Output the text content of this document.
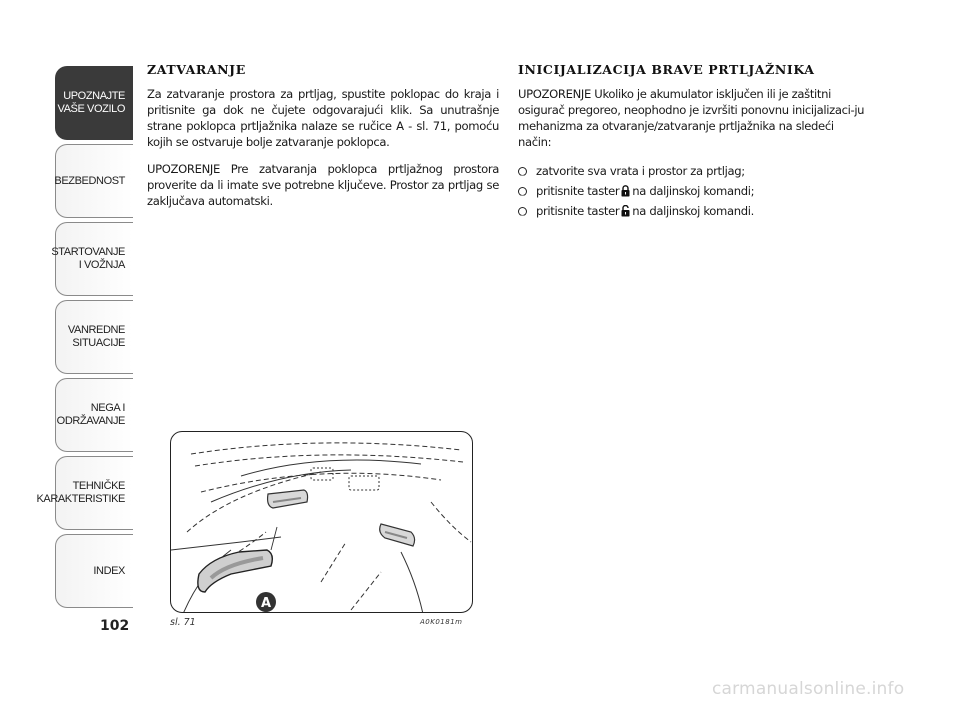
UPOZNAJTE
VAŠE VOZILO
BEZBEDNOST
STARTOVANJE
I VOŽNJA
VANREDNE
SITUACIJE
NEGA I
ODRŽAVANJE
TEHNIČKE
KARAKTERISTIKE
INDEX
102
ZATVARANJE

Za zatvaranje prostora za prtljag, spustite poklopac do kraja i pritisnite ga dok ne čujete odgovarajući klik. Sa unutrašnje strane poklopca prtljažnika nalaze se ručice A - sl. 71, pomoću kojih se ostvaruje bolje zatvaranje poklopca.

UPOZORENJE Pre zatvaranja poklopca prtljažnog prostora proverite da li imate sve potrebne ključeve. Prostor za prtljag se zaključava automatski.

INICIJALIZACIJA BRAVE PRTLJAŽNIKA

UPOZORENJE Ukoliko je akumulator isključen ili je zaštitni osigurač pregoreo, neophodno je izvršiti ponovnu inicijalizaci-ju mehanizma za otvaranje/zatvaranje prtljažnika na sledeći način:

zatvorite sva vrata i prostor za prtljag;
pritisnite taster na daljinskoj komandi;
pritisnite taster na daljinskoj komandi.
A
sl. 71	A0K0181m
carmanualsonline.info
